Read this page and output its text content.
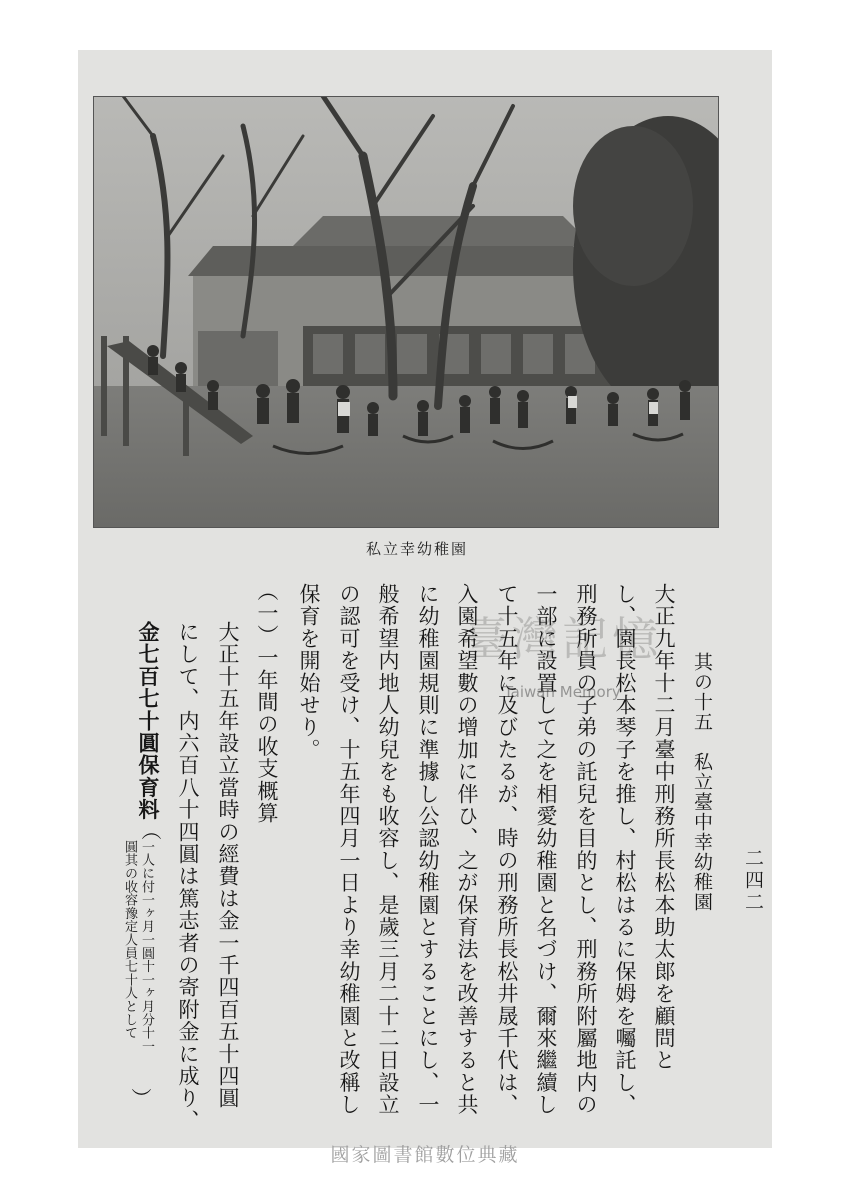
私立幸幼稚園
二四二
臺灣記憶
Taiwan Memory	其の十五　私立臺中幸幼稚園
大正九年十二月臺中刑務所長松本助太郞を顧問と
し、園長松本琴子を推し、村松はるに保姆を囑託し、
刑務所員の子弟の託兒を目的とし、刑務所附屬地内の
一部に設置して之を相愛幼稚園と名づけ、爾來繼續し
て十五年に及びたるが、時の刑務所長松井晟千代は、
入園希望數の增加に伴ひ、之が保育法を改善すると共
に幼稚園規則に準據し公認幼稚園とすることにし、一
般希望内地人幼兒をも收容し、是歲三月二十二日設立
の認可を受け、十五年四月一日より幸幼稚園と改稱し
保育を開始せり。
（一）一年間の收支概算
大正十五年設立當時の經費は金一千四百五十四圓
にして、内六百八十四圓は篤志者の寄附金に成り、
金七百七十圓保育料
（
一人に付一ヶ月一圓十一ヶ月分十一
圓其の收容豫定人員七十人として
）
國家圖書館數位典藏
